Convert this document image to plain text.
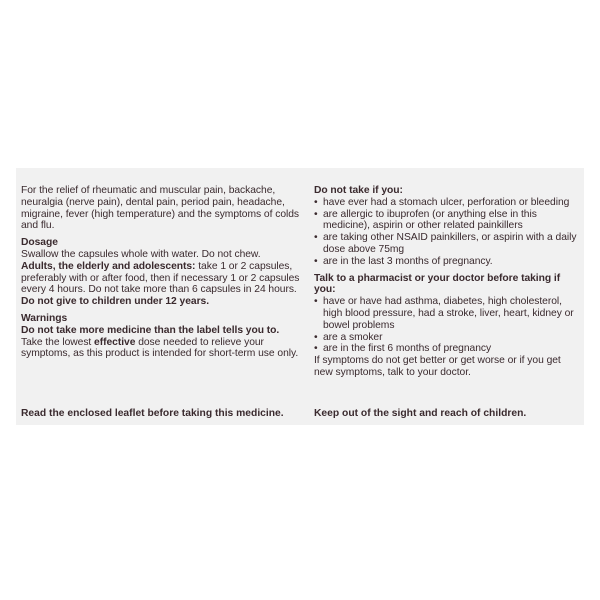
For the relief of rheumatic and muscular pain, backache, neuralgia (nerve pain), dental pain, period pain, headache, migraine, fever (high temperature) and the symptoms of colds and flu.

Dosage

Swallow the capsules whole with water. Do not chew.

Adults, the elderly and adolescents: take 1 or 2 capsules, preferably with or after food, then if necessary 1 or 2 capsules every 4 hours. Do not take more than 6 capsules in 24 hours.

Do not give to children under 12 years.

Warnings

Do not take more medicine than the label tells you to.

Take the lowest effective dose needed to relieve your symptoms, as this product is intended for short-term use only.

Do not take if you:

• have ever had a stomach ulcer, perforation or bleeding
• are allergic to ibuprofen (or anything else in this medicine), aspirin or other related painkillers
• are taking other NSAID painkillers, or aspirin with a daily dose above 75mg
• are in the last 3 months of pregnancy.

Talk to a pharmacist or your doctor before taking if you:

• have or have had asthma, diabetes, high cholesterol, high blood pressure, had a stroke, liver, heart, kidney or bowel problems
• are a smoker
• are in the first 6 months of pregnancy

If symptoms do not get better or get worse or if you get new symptoms, talk to your doctor.

Read the enclosed leaflet before taking this medicine.	Keep out of the sight and reach of children.
